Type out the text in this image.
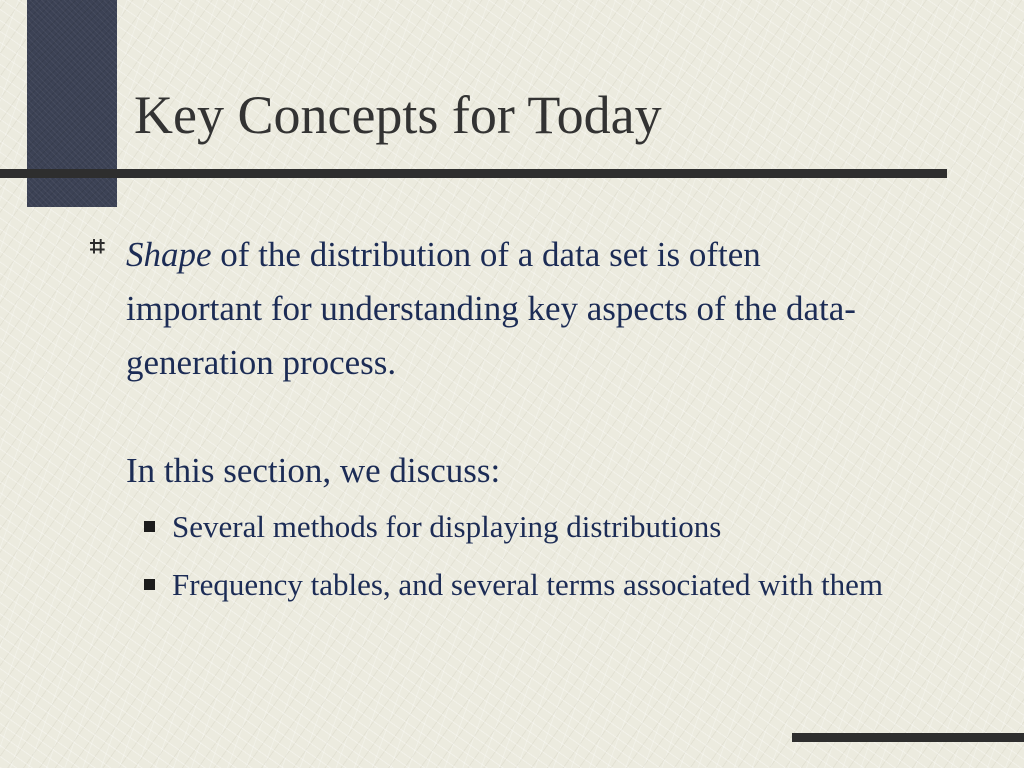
Key Concepts for Today
⌗ Shape of the distribution of a data set is often important for understanding key aspects of the data-generation process.
In this section, we discuss:
Several methods for displaying distributions
Frequency tables, and several terms associated with them
